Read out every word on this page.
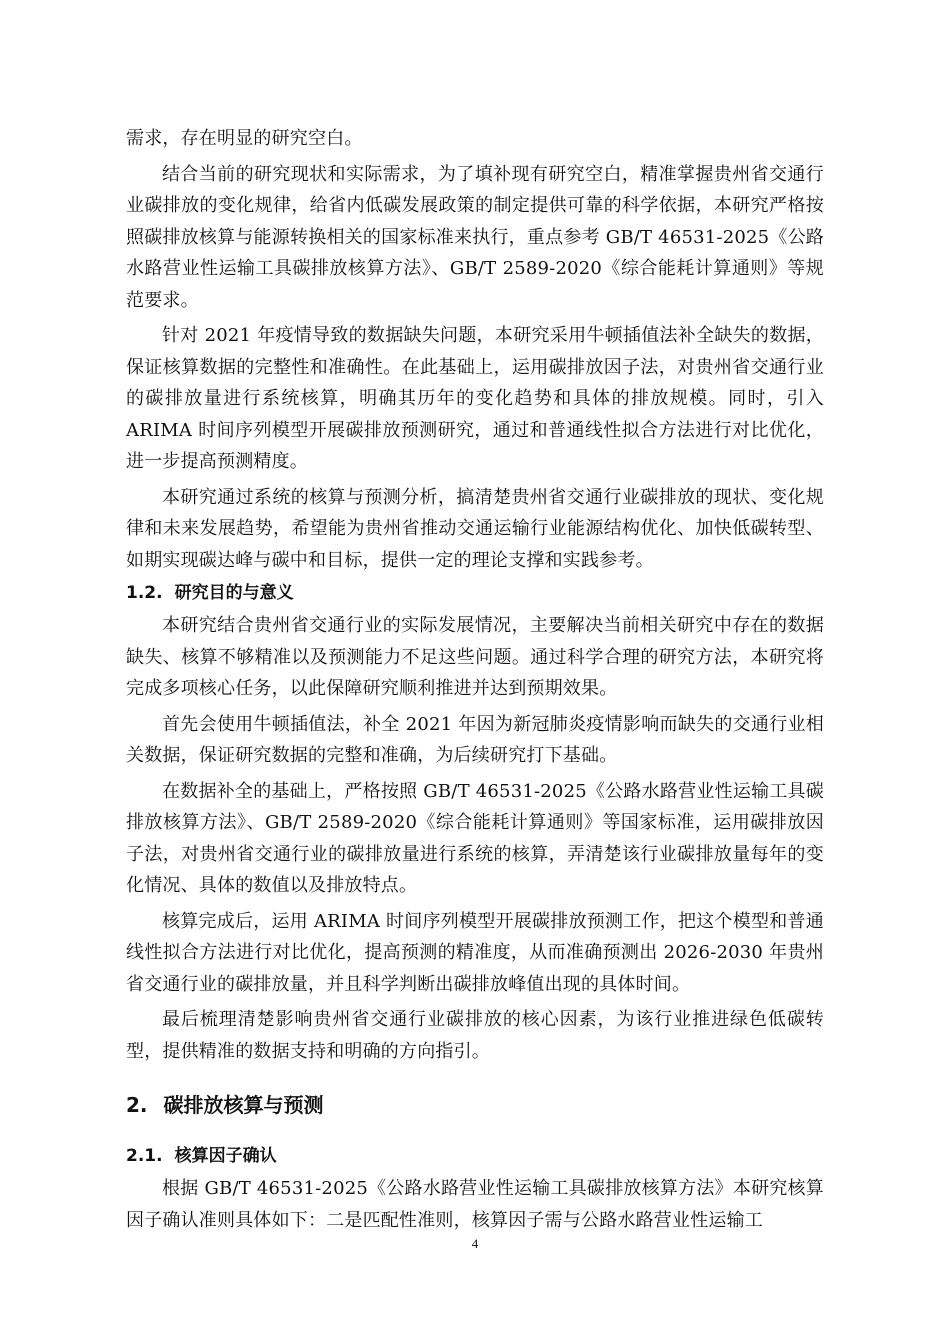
需求，存在明显的研究空白。

结合当前的研究现状和实际需求，为了填补现有研究空白，精准掌握贵州省交通行业碳排放的变化规律，给省内低碳发展政策的制定提供可靠的科学依据，本研究严格按照碳排放核算与能源转换相关的国家标准来执行，重点参考 GB/T 46531-2025《公路水路营业性运输工具碳排放核算方法》、GB/T 2589-2020《综合能耗计算通则》等规范要求。

针对 2021 年疫情导致的数据缺失问题，本研究采用牛顿插值法补全缺失的数据，保证核算数据的完整性和准确性。在此基础上，运用碳排放因子法，对贵州省交通行业的碳排放量进行系统核算，明确其历年的变化趋势和具体的排放规模。同时，引入 ARIMA 时间序列模型开展碳排放预测研究，通过和普通线性拟合方法进行对比优化，进一步提高预测精度。

本研究通过系统的核算与预测分析，搞清楚贵州省交通行业碳排放的现状、变化规律和未来发展趋势，希望能为贵州省推动交通运输行业能源结构优化、加快低碳转型、如期实现碳达峰与碳中和目标，提供一定的理论支撑和实践参考。

1.2. 研究目的与意义

本研究结合贵州省交通行业的实际发展情况，主要解决当前相关研究中存在的数据缺失、核算不够精准以及预测能力不足这些问题。通过科学合理的研究方法，本研究将完成多项核心任务，以此保障研究顺利推进并达到预期效果。

首先会使用牛顿插值法，补全 2021 年因为新冠肺炎疫情影响而缺失的交通行业相关数据，保证研究数据的完整和准确，为后续研究打下基础。

在数据补全的基础上，严格按照 GB/T 46531-2025《公路水路营业性运输工具碳排放核算方法》、GB/T 2589-2020《综合能耗计算通则》等国家标准，运用碳排放因子法，对贵州省交通行业的碳排放量进行系统的核算，弄清楚该行业碳排放量每年的变化情况、具体的数值以及排放特点。

核算完成后，运用 ARIMA 时间序列模型开展碳排放预测工作，把这个模型和普通线性拟合方法进行对比优化，提高预测的精准度，从而准确预测出 2026-2030 年贵州省交通行业的碳排放量，并且科学判断出碳排放峰值出现的具体时间。

最后梳理清楚影响贵州省交通行业碳排放的核心因素，为该行业推进绿色低碳转型，提供精准的数据支持和明确的方向指引。

2. 碳排放核算与预测
2.1. 核算因子确认

根据 GB/T 46531-2025《公路水路营业性运输工具碳排放核算方法》本研究核算因子确认准则具体如下：二是匹配性准则，核算因子需与公路水路营业性运输工

4
